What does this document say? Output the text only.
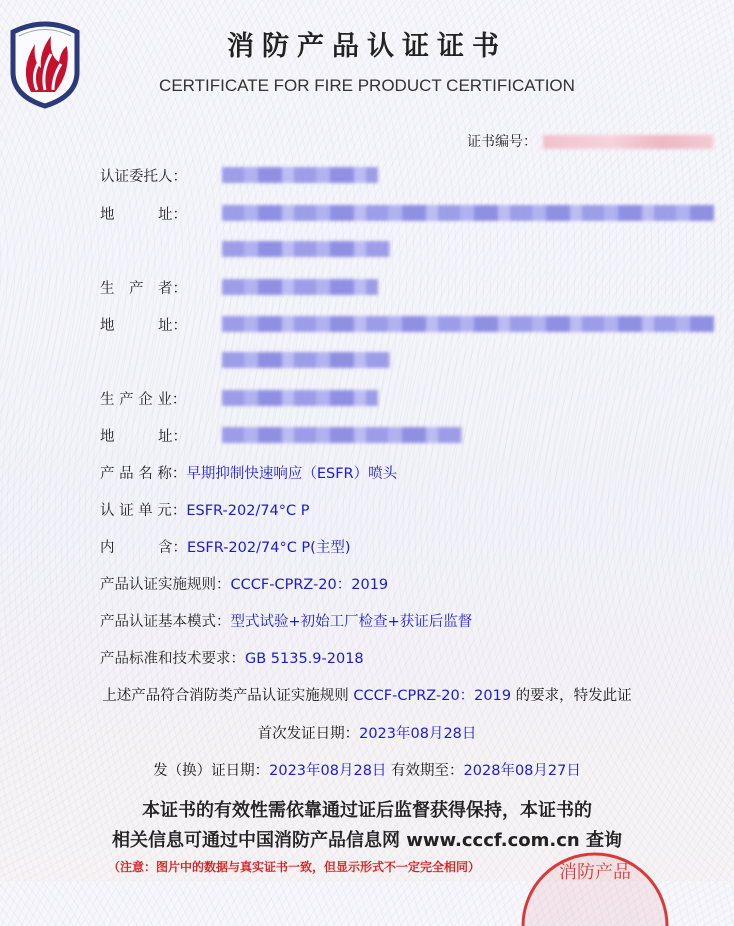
消防产品认证证书
CERTIFICATE FOR FIRE PRODUCT CERTIFICATION
证书编号：
认证委托人：
地　　　址：
生　产　者：
地　　　址：
生 产 企 业：
地　　　址：
产 品 名 称：早期抑制快速响应（ESFR）喷头
认 证 单 元：ESFR-202/74°C P
内　　　含：ESFR-202/74°C P(主型)
产品认证实施规则：CCCF-CPRZ-20：2019
产品认证基本模式：型式试验+初始工厂检查+获证后监督
产品标准和技术要求：GB 5135.9-2018
上述产品符合消防类产品认证实施规则 CCCF-CPRZ-20：2019 的要求，特发此证
首次发证日期：2023年08月28日
发（换）证日期：2023年08月28日 有效期至：2028年08月27日
本证书的有效性需依靠通过证后监督获得保持，本证书的
相关信息可通过中国消防产品信息网 www.cccf.com.cn 查询
（注意：图片中的数据与真实证书一致，但显示形式不一定完全相同）	消防产品
